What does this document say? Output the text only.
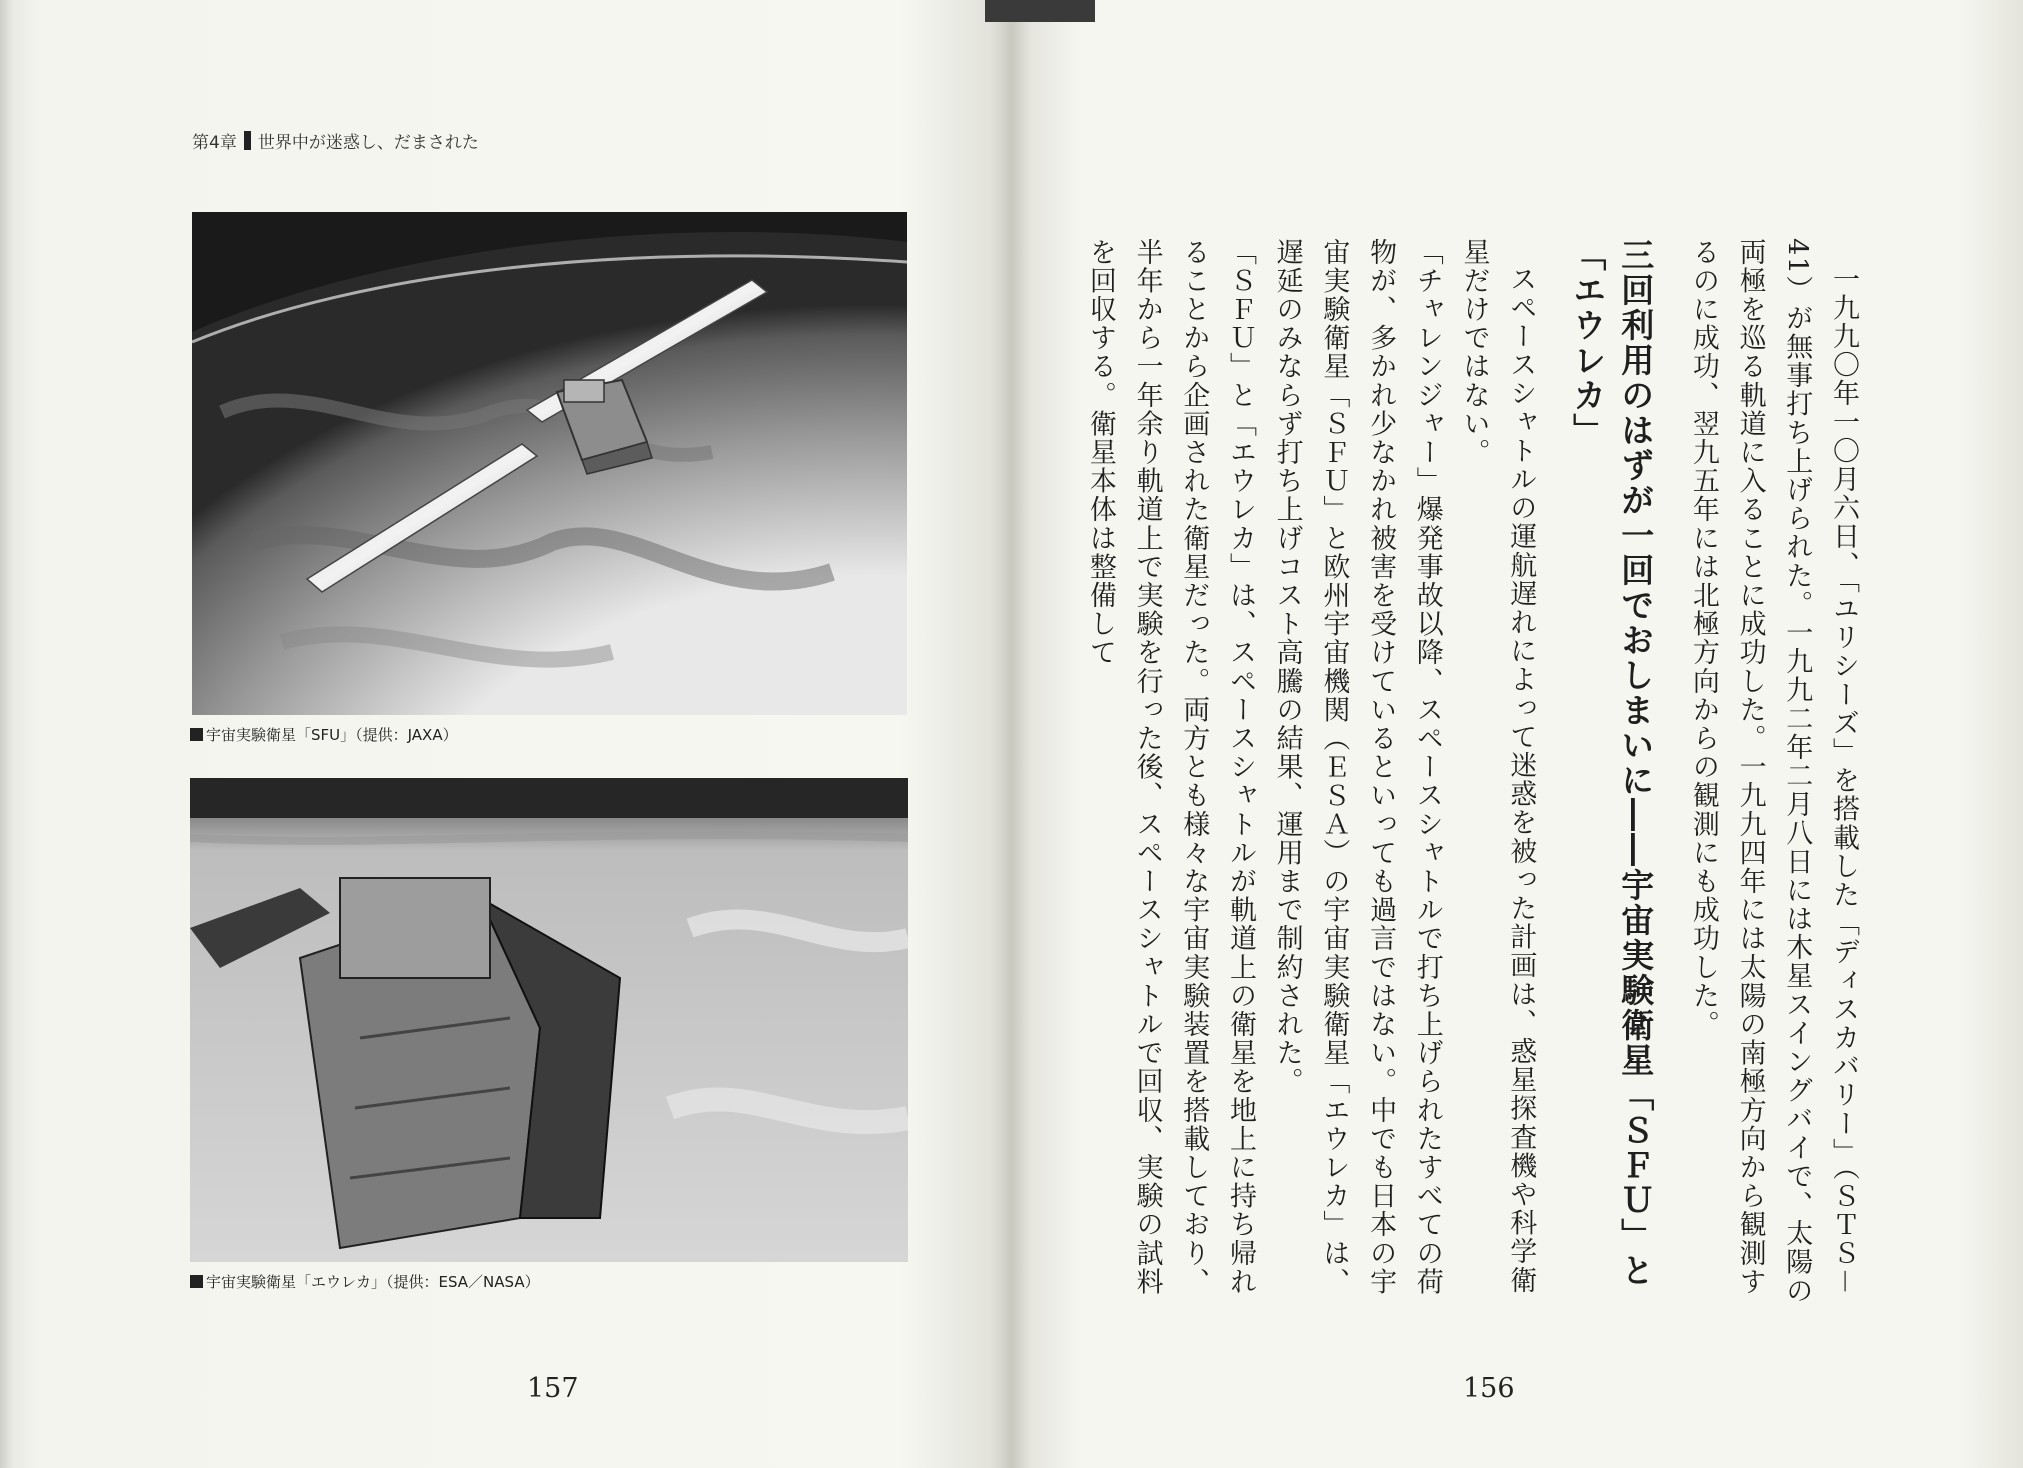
第4章 世界中が迷惑し、だまされた
宇宙実験衛星「SFU」（提供：JAXA）
宇宙実験衛星「エウレカ」（提供：ESA／NASA）
157

一九九〇年一〇月六日、「ユリシーズ」を搭載した「ディスカバリー」（ＳＴＳ－41）が無事打ち上げられた。一九九二年二月八日には木星スイングバイで、太陽の両極を巡る軌道に入ることに成功した。一九九四年には太陽の南極方向から観測するのに成功、翌九五年には北極方向からの観測にも成功した。

三回利用のはずが一回でおしまいに――宇宙実験衛星「ＳＦＵ」と「エウレカ」

スペースシャトルの運航遅れによって迷惑を被った計画は、惑星探査機や科学衛星だけではない。

「チャレンジャー」爆発事故以降、スペースシャトルで打ち上げられたすべての荷物が、多かれ少なかれ被害を受けているといっても過言ではない。中でも日本の宇宙実験衛星「ＳＦＵ」と欧州宇宙機関（ＥＳＡ）の宇宙実験衛星「エウレカ」は、遅延のみならず打ち上げコスト高騰の結果、運用まで制約された。

「ＳＦＵ」と「エウレカ」は、スペースシャトルが軌道上の衛星を地上に持ち帰れることから企画された衛星だった。両方とも様々な宇宙実験装置を搭載しており、半年から一年余り軌道上で実験を行った後、スペースシャトルで回収、実験の試料を回収する。衛星本体は整備して

156
